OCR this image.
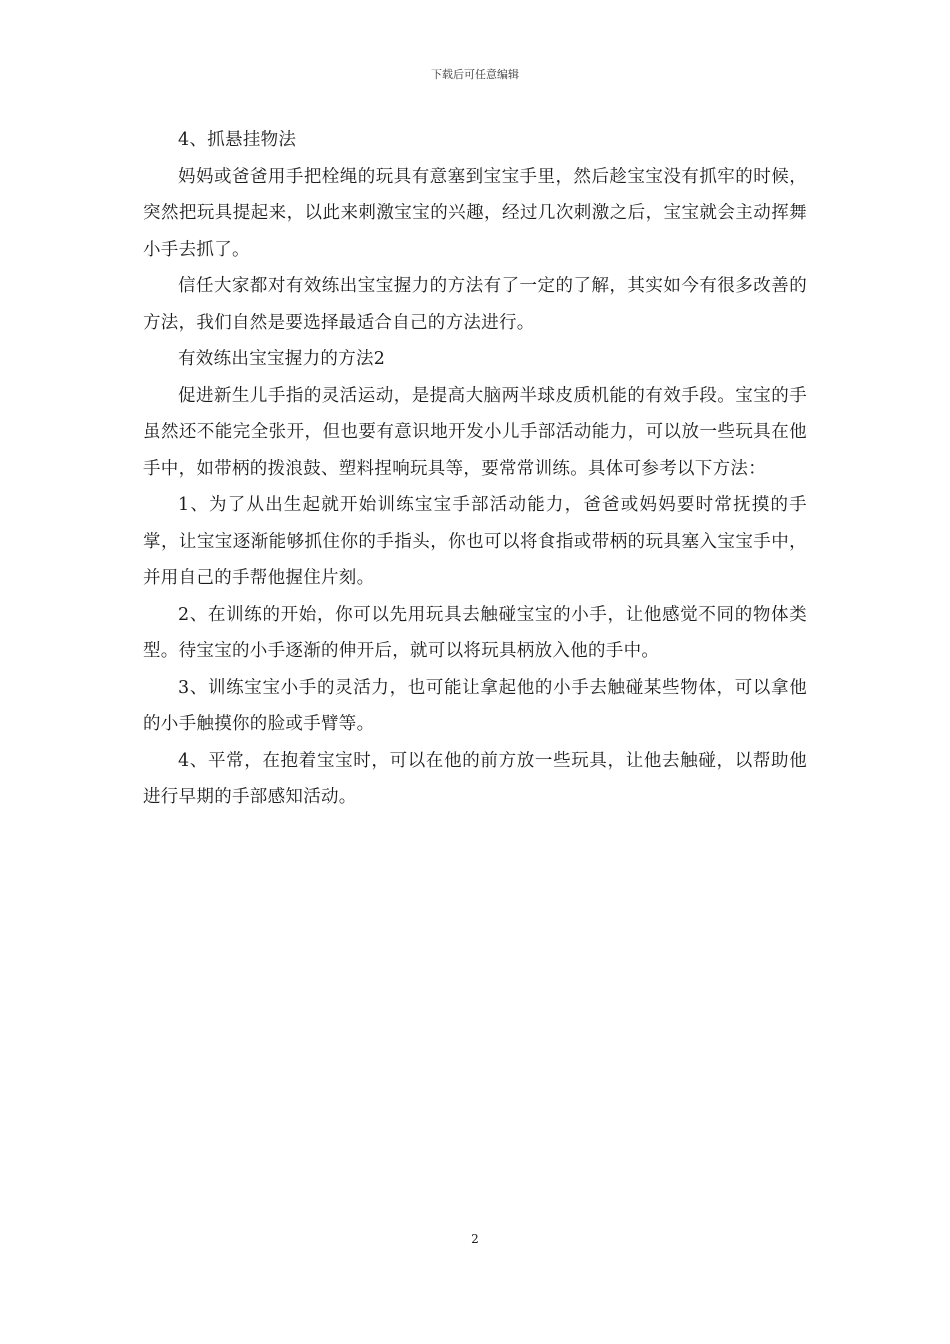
下载后可任意编辑

4、抓悬挂物法

妈妈或爸爸用手把栓绳的玩具有意塞到宝宝手里，然后趁宝宝没有抓牢的时候，突然把玩具提起来，以此来刺激宝宝的兴趣，经过几次刺激之后，宝宝就会主动挥舞小手去抓了。

信任大家都对有效练出宝宝握力的方法有了一定的了解，其实如今有很多改善的方法，我们自然是要选择最适合自己的方法进行。

有效练出宝宝握力的方法2

促进新生儿手指的灵活运动，是提高大脑两半球皮质机能的有效手段。宝宝的手虽然还不能完全张开，但也要有意识地开发小儿手部活动能力，可以放一些玩具在他手中，如带柄的拨浪鼓、塑料捏响玩具等，要常常训练。具体可参考以下方法：

1、为了从出生起就开始训练宝宝手部活动能力，爸爸或妈妈要时常抚摸的手掌，让宝宝逐渐能够抓住你的手指头，你也可以将食指或带柄的玩具塞入宝宝手中，并用自己的手帮他握住片刻。

2、在训练的开始，你可以先用玩具去触碰宝宝的小手，让他感觉不同的物体类型。待宝宝的小手逐渐的伸开后，就可以将玩具柄放入他的手中。

3、训练宝宝小手的灵活力，也可能让拿起他的小手去触碰某些物体，可以拿他的小手触摸你的脸或手臂等。

4、平常，在抱着宝宝时，可以在他的前方放一些玩具，让他去触碰，以帮助他进行早期的手部感知活动。

2
